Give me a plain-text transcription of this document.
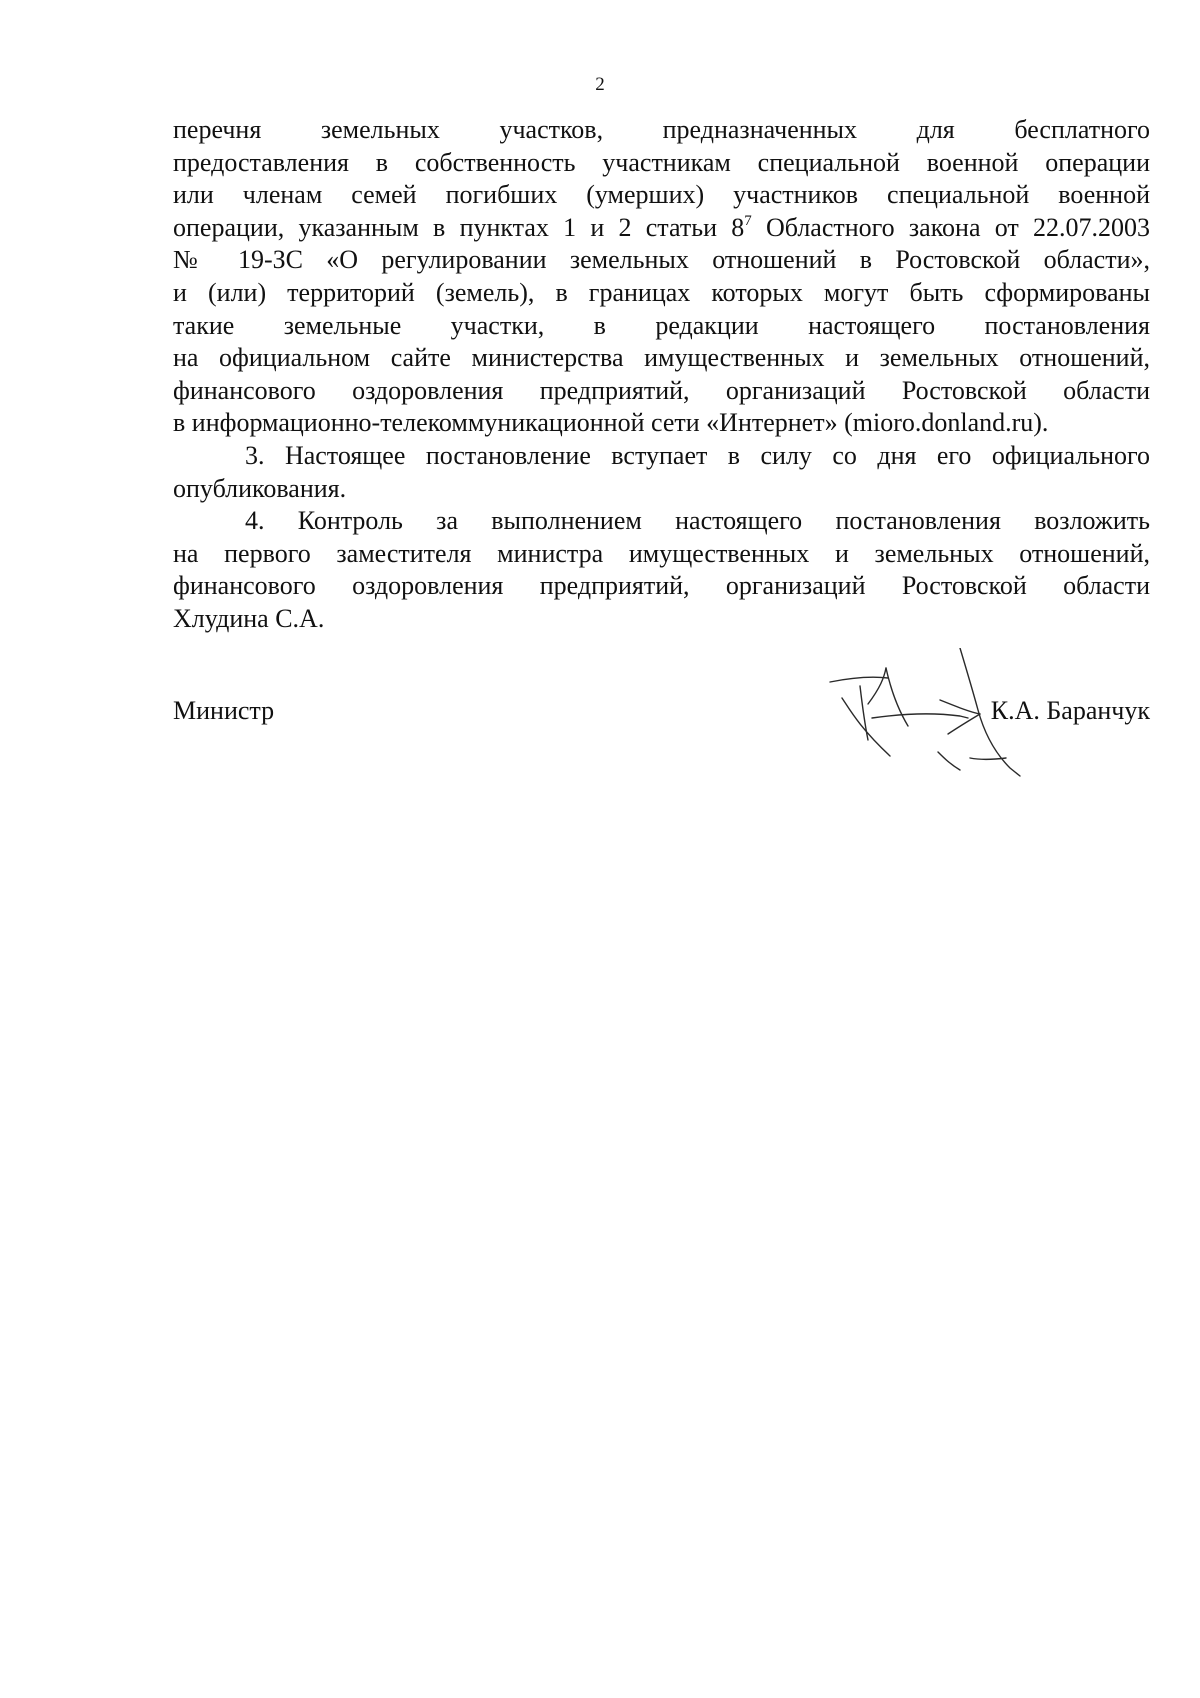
2
перечня земельных участков, предназначенных для бесплатного
предоставления в собственность участникам специальной военной операции
или членам семей погибших (умерших) участников специальной военной
операции, указанным в пунктах 1 и 2 статьи $8^7$ Областного закона от 22.07.2003
№ 19-ЗС «О регулировании земельных отношений в Ростовской области»,
и (или) территорий (земель), в границах которых могут быть сформированы
такие земельные участки, в редакции настоящего постановления
на официальном сайте министерства имущественных и земельных отношений,
финансового оздоровления предприятий, организаций Ростовской области
в информационно-телекоммуникационной сети «Интернет» (mioro.donland.ru).
3. Настоящее постановление вступает в силу со дня его официального
опубликования.
4. Контроль за выполнением настоящего постановления возложить
на первого заместителя министра имущественных и земельных отношений,
финансового оздоровления предприятий, организаций Ростовской области
Хлудина С.А.
Министр	К.А. Баранчук
